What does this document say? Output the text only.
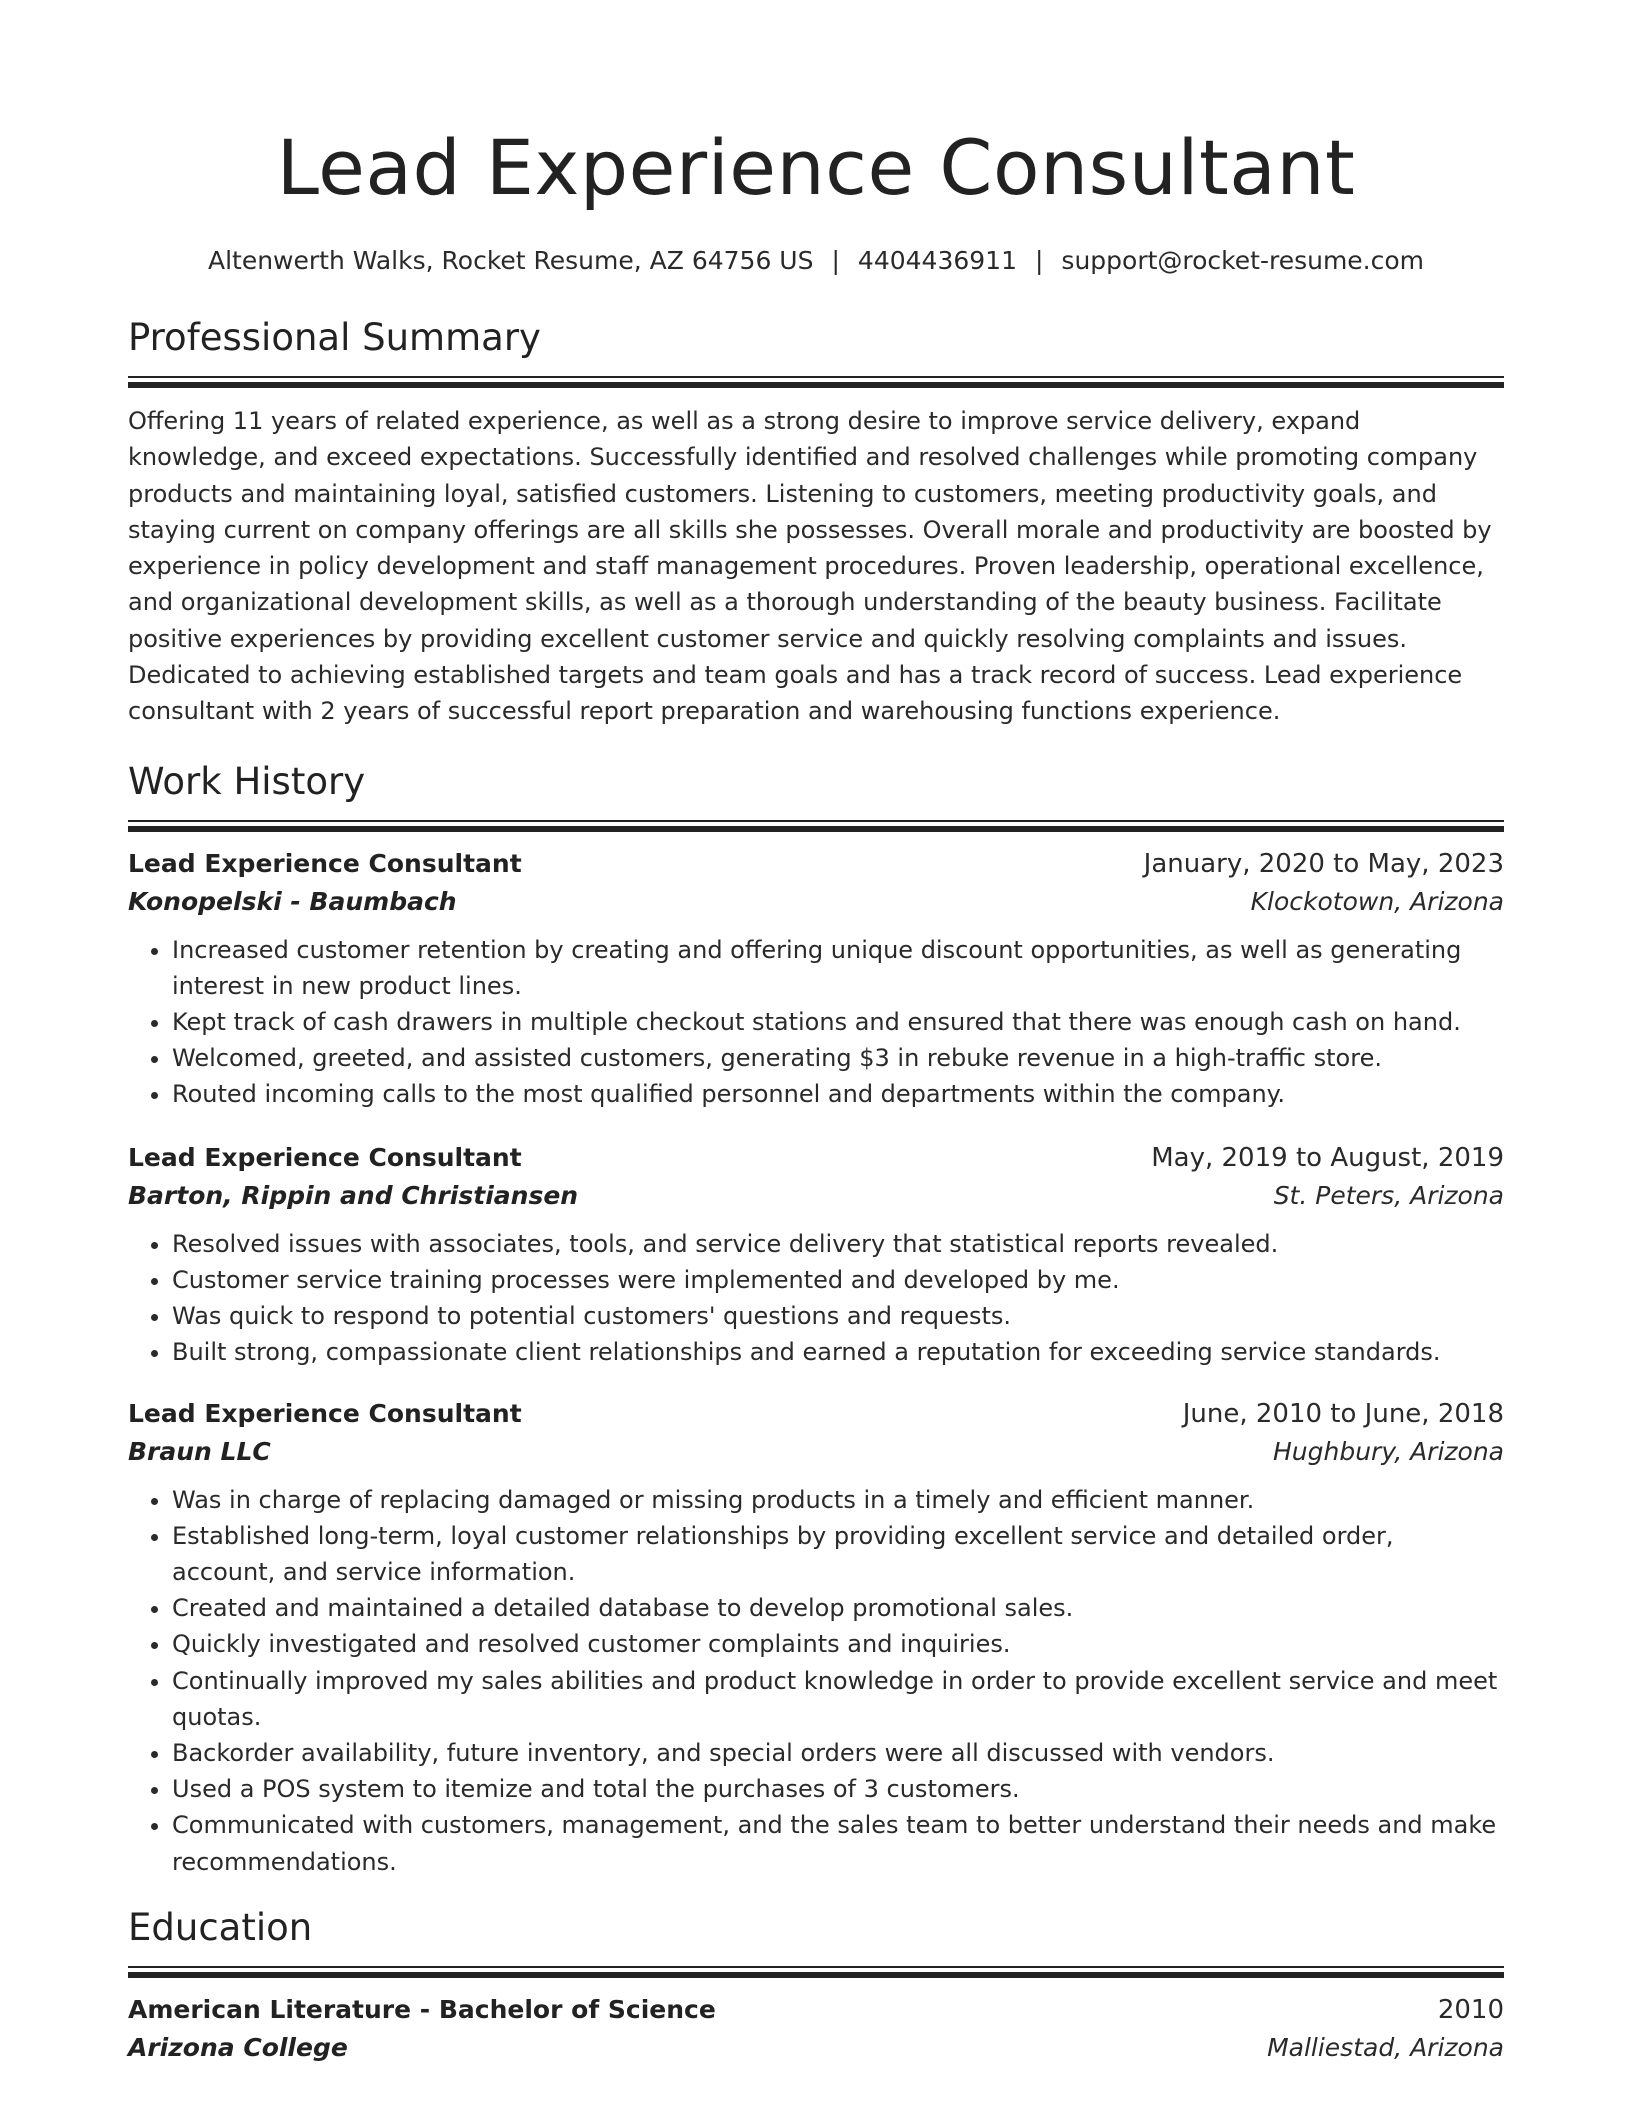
Lead Experience Consultant
Altenwerth Walks, Rocket Resume, AZ 64756 US | 4404436911 | support@rocket-resume.com
Professional Summary

Offering 11 years of related experience, as well as a strong desire to improve service delivery, expand knowledge, and exceed expectations. Successfully identified and resolved challenges while promoting company products and maintaining loyal, satisfied customers. Listening to customers, meeting productivity goals, and staying current on company offerings are all skills she possesses. Overall morale and productivity are boosted by experience in policy development and staff management procedures. Proven leadership, operational excellence, and organizational development skills, as well as a thorough understanding of the beauty business. Facilitate positive experiences by providing excellent customer service and quickly resolving complaints and issues. Dedicated to achieving established targets and team goals and has a track record of success. Lead experience consultant with 2 years of successful report preparation and warehousing functions experience.

Work History
Lead Experience Consultant	January, 2020 to May, 2023
Konopelski - Baumbach	Klockotown, Arizona
• Increased customer retention by creating and offering unique discount opportunities, as well as generating interest in new product lines.
• Kept track of cash drawers in multiple checkout stations and ensured that there was enough cash on hand.
• Welcomed, greeted, and assisted customers, generating $3 in rebuke revenue in a high-traffic store.
• Routed incoming calls to the most qualified personnel and departments within the company.
Lead Experience Consultant	May, 2019 to August, 2019
Barton, Rippin and Christiansen	St. Peters, Arizona
• Resolved issues with associates, tools, and service delivery that statistical reports revealed.
• Customer service training processes were implemented and developed by me.
• Was quick to respond to potential customers' questions and requests.
• Built strong, compassionate client relationships and earned a reputation for exceeding service standards.
Lead Experience Consultant	June, 2010 to June, 2018
Braun LLC	Hughbury, Arizona
• Was in charge of replacing damaged or missing products in a timely and efficient manner.
• Established long-term, loyal customer relationships by providing excellent service and detailed order, account, and service information.
• Created and maintained a detailed database to develop promotional sales.
• Quickly investigated and resolved customer complaints and inquiries.
• Continually improved my sales abilities and product knowledge in order to provide excellent service and meet quotas.
• Backorder availability, future inventory, and special orders were all discussed with vendors.
• Used a POS system to itemize and total the purchases of 3 customers.
• Communicated with customers, management, and the sales team to better understand their needs and make recommendations.
Education
American Literature - Bachelor of Science	2010
Arizona College	Malliestad, Arizona
